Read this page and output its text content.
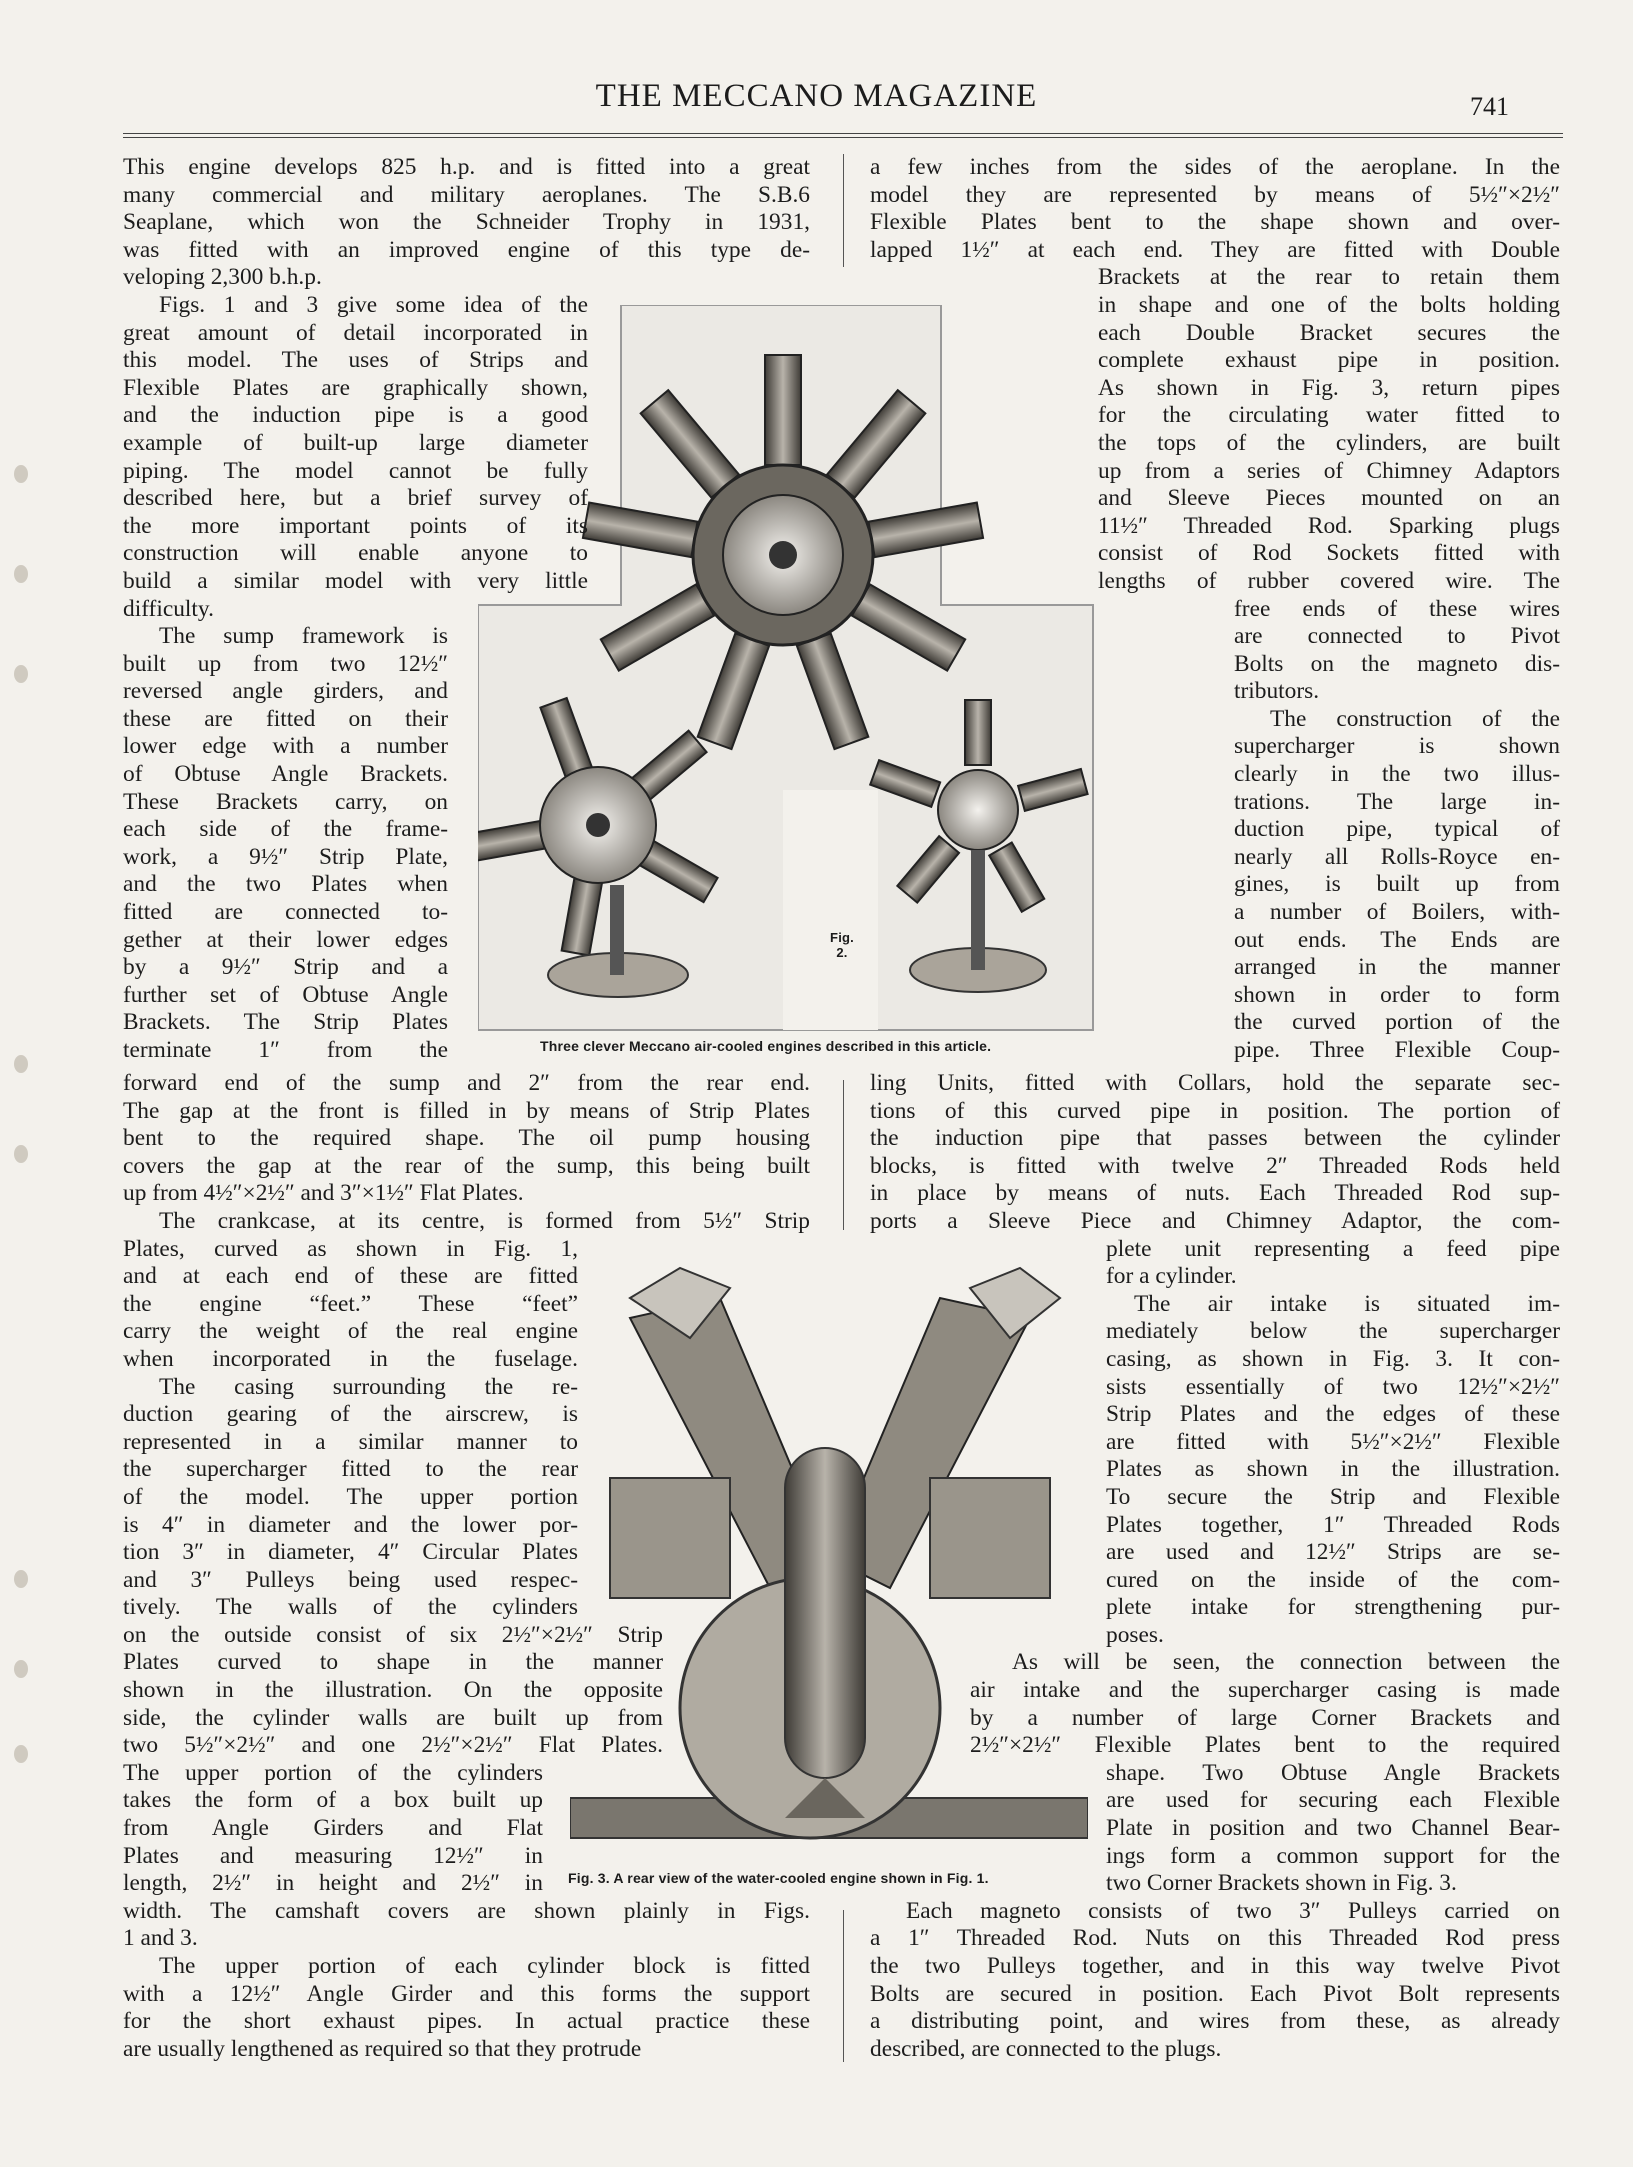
THE MECCANO MAGAZINE	741
Fig.
2.
Three clever Meccano air-cooled engines described in this article.
Fig. 3. A rear view of the water-cooled engine shown in Fig. 1.
This engine develops 825 h.p. and is fitted into a great
many commercial and military aeroplanes. The S.B.6
Seaplane, which won the Schneider Trophy in 1931,
was fitted with an improved engine of this type de-
veloping 2,300 b.h.p.
Figs. 1 and 3 give some idea of the
great amount of detail incorporated in
this model. The uses of Strips and
Flexible Plates are graphically shown,
and the induction pipe is a good
example of built-up large diameter
piping. The model cannot be fully
described here, but a brief survey of
the more important points of its
construction will enable anyone to
build a similar model with very little
difficulty.
The sump framework is
built up from two 12½″
reversed angle girders, and
these are fitted on their
lower edge with a number
of Obtuse Angle Brackets.
These Brackets carry, on
each side of the frame-
work, a 9½″ Strip Plate,
and the two Plates when
fitted are connected to-
gether at their lower edges
by a 9½″ Strip and a
further set of Obtuse Angle
Brackets. The Strip Plates
terminate 1″ from the
a few inches from the sides of the aeroplane. In the
model they are represented by means of 5½″×2½″
Flexible Plates bent to the shape shown and over-
lapped 1½″ at each end. They are fitted with Double
Brackets at the rear to retain them
in shape and one of the bolts holding
each Double Bracket secures the
complete exhaust pipe in position.
As shown in Fig. 3, return pipes
for the circulating water fitted to
the tops of the cylinders, are built
up from a series of Chimney Adaptors
and Sleeve Pieces mounted on an
11½″ Threaded Rod. Sparking plugs
consist of Rod Sockets fitted with
lengths of rubber covered wire. The
free ends of these wires
are connected to Pivot
Bolts on the magneto dis-
tributors.
The construction of the
supercharger is shown
clearly in the two illus-
trations. The large in-
duction pipe, typical of
nearly all Rolls-Royce en-
gines, is built up from
a number of Boilers, with-
out ends. The Ends are
arranged in the manner
shown in order to form
the curved portion of the
pipe. Three Flexible Coup-
forward end of the sump and 2″ from the rear end.
The gap at the front is filled in by means of Strip Plates
bent to the required shape. The oil pump housing
covers the gap at the rear of the sump, this being built
up from 4½″×2½″ and 3″×1½″ Flat Plates.
The crankcase, at its centre, is formed from 5½″ Strip
Plates, curved as shown in Fig. 1,
and at each end of these are fitted
the engine “feet.” These “feet”
carry the weight of the real engine
when incorporated in the fuselage.
The casing surrounding the re-
duction gearing of the airscrew, is
represented in a similar manner to
the supercharger fitted to the rear
of the model. The upper portion
is 4″ in diameter and the lower por-
tion 3″ in diameter, 4″ Circular Plates
and 3″ Pulleys being used respec-
tively. The walls of the cylinders
on the outside consist of six 2½″×2½″ Strip
Plates curved to shape in the manner
shown in the illustration. On the opposite
side, the cylinder walls are built up from
two 5½″×2½″ and one 2½″×2½″ Flat Plates.
The upper portion of the cylinders
takes the form of a box built up
from Angle Girders and Flat
Plates and measuring 12½″ in
length, 2½″ in height and 2½″ in
width. The camshaft covers are shown plainly in Figs.
1 and 3.
The upper portion of each cylinder block is fitted
with a 12½″ Angle Girder and this forms the support
for the short exhaust pipes. In actual practice these
are usually lengthened as required so that they protrude
ling Units, fitted with Collars, hold the separate sec-
tions of this curved pipe in position. The portion of
the induction pipe that passes between the cylinder
blocks, is fitted with twelve 2″ Threaded Rods held
in place by means of nuts. Each Threaded Rod sup-
ports a Sleeve Piece and Chimney Adaptor, the com-
plete unit representing a feed pipe
for a cylinder.
The air intake is situated im-
mediately below the supercharger
casing, as shown in Fig. 3. It con-
sists essentially of two 12½″×2½″
Strip Plates and the edges of these
are fitted with 5½″×2½″ Flexible
Plates as shown in the illustration.
To secure the Strip and Flexible
Plates together, 1″ Threaded Rods
are used and 12½″ Strips are se-
cured on the inside of the com-
plete intake for strengthening pur-
poses.
As will be seen, the connection between the
air intake and the supercharger casing is made
by a number of large Corner Brackets and
2½″×2½″ Flexible Plates bent to the required
shape. Two Obtuse Angle Brackets
are used for securing each Flexible
Plate in position and two Channel Bear-
ings form a common support for the
two Corner Brackets shown in Fig. 3.
Each magneto consists of two 3″ Pulleys carried on
a 1″ Threaded Rod. Nuts on this Threaded Rod press
the two Pulleys together, and in this way twelve Pivot
Bolts are secured in position. Each Pivot Bolt represents
a distributing point, and wires from these, as already
described, are connected to the plugs.
